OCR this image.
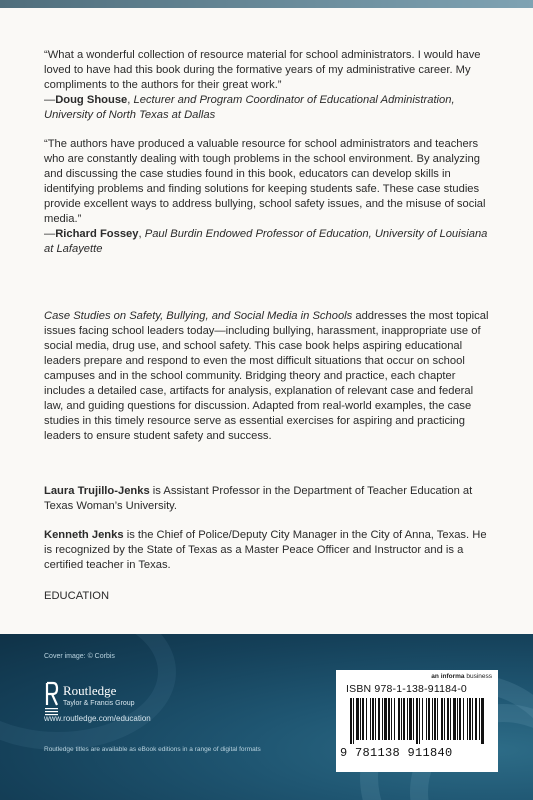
“What a wonderful collection of resource material for school administrators. I would have loved to have had this book during the formative years of my administrative career. My compliments to the authors for their great work.”

—Doug Shouse, Lecturer and Program Coordinator of Educational Administration, University of North Texas at Dallas

“The authors have produced a valuable resource for school administrators and teachers who are constantly dealing with tough problems in the school environment. By analyzing and discussing the case studies found in this book, educators can develop skills in identifying problems and finding solutions for keeping students safe. These case studies provide excellent ways to address bullying, school safety issues, and the misuse of social media.”

—Richard Fossey, Paul Burdin Endowed Professor of Education, University of Louisiana at Lafayette

Case Studies on Safety, Bullying, and Social Media in Schools addresses the most topical issues facing school leaders today—including bullying, harassment, inappropriate use of social media, drug use, and school safety. This case book helps aspiring educational leaders prepare and respond to even the most difficult situations that occur on school campuses and in the school community. Bridging theory and practice, each chapter includes a detailed case, artifacts for analysis, explanation of relevant case and federal law, and guiding questions for discussion. Adapted from real-world examples, the case studies in this timely resource serve as essential exercises for aspiring and practicing leaders to ensure student safety and success.

Laura Trujillo-Jenks is Assistant Professor in the Department of Teacher Education at Texas Woman’s University.

Kenneth Jenks is the Chief of Police/Deputy City Manager in the City of Anna, Texas. He is recognized by the State of Texas as a Master Peace Officer and Instructor and is a certified teacher in Texas.

EDUCATION

Cover image: © Corbis
Routledge
Taylor & Francis Group
www.routledge.com/education
Routledge titles are available as eBook editions in a range of digital formats
an informa business
ISBN 978-1-138-91184-0
9 781138 911840
